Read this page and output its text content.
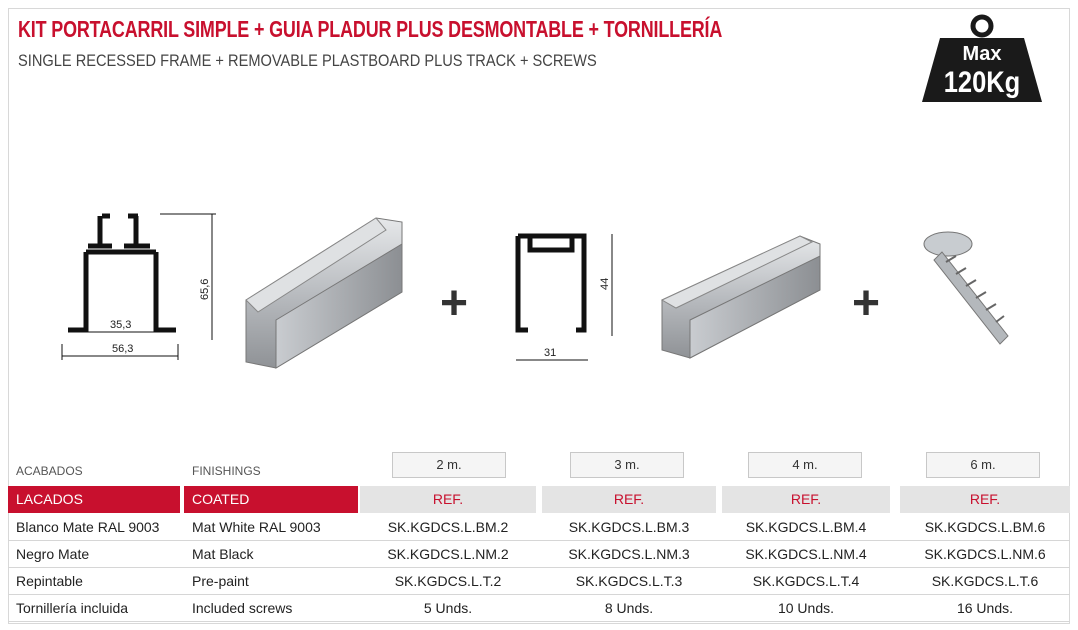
KIT PORTACARRIL SIMPLE + GUIA PLADUR PLUS DESMONTABLE + TORNILLERÍA
SINGLE RECESSED FRAME + REMOVABLE PLASTBOARD PLUS TRACK + SCREWS	Max
120Kg
35,3
56,3
65,6
31
44
+	+
ACABADOS	FINISHINGS	2 m.	3 m.	4 m.	6 m.
LACADOS	COATED	REF.	REF.	REF.	REF.
Blanco Mate RAL 9003	Mat White RAL 9003	SK.KGDCS.L.BM.2	SK.KGDCS.L.BM.3	SK.KGDCS.L.BM.4	SK.KGDCS.L.BM.6
Negro Mate	Mat Black	SK.KGDCS.L.NM.2	SK.KGDCS.L.NM.3	SK.KGDCS.L.NM.4	SK.KGDCS.L.NM.6
Repintable	Pre-paint	SK.KGDCS.L.T.2	SK.KGDCS.L.T.3	SK.KGDCS.L.T.4	SK.KGDCS.L.T.6
Tornillería incluida	Included screws	5 Unds.	8 Unds.	10 Unds.	16 Unds.
